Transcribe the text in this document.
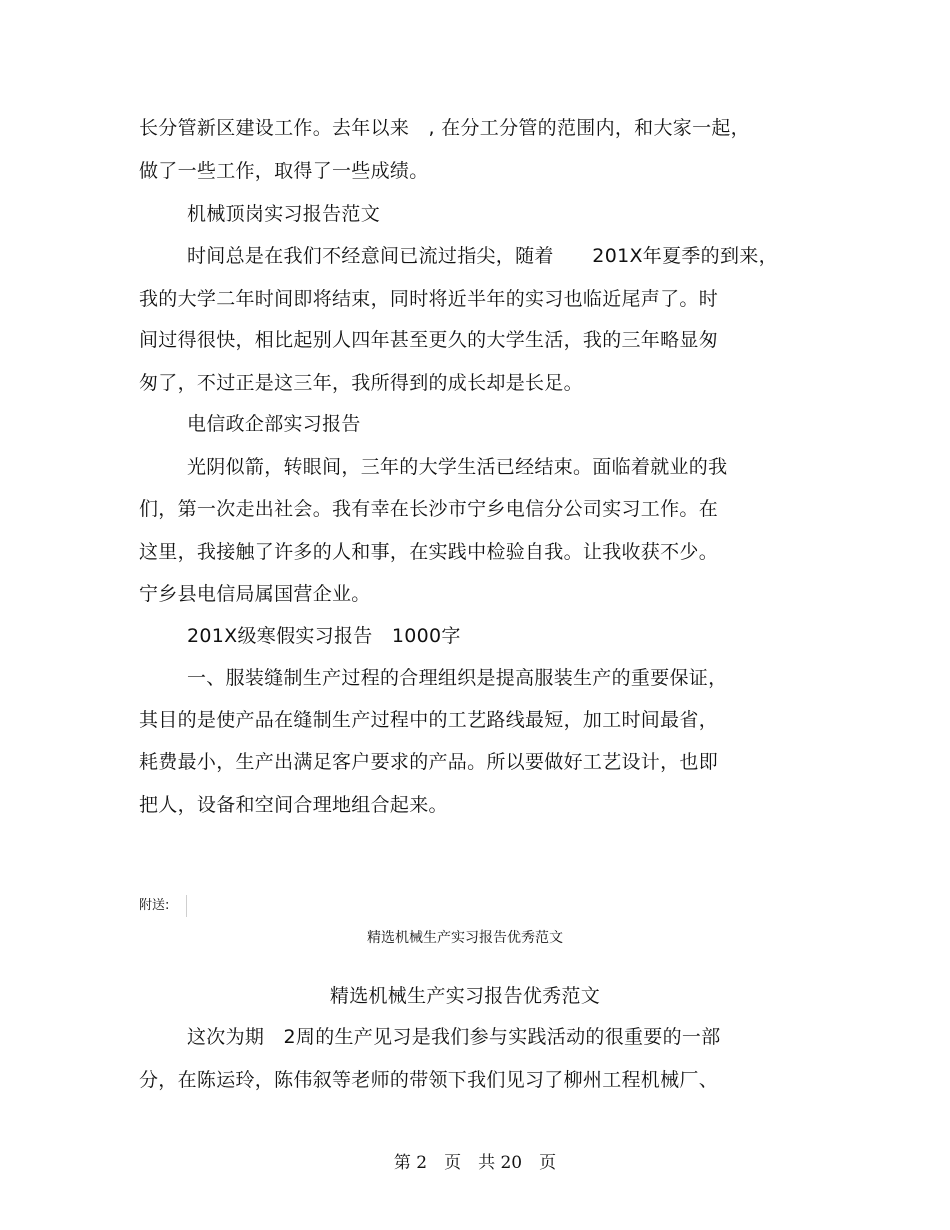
长分管新区建设工作。去年以来　, 在分工分管的范围内，和大家一起，
做了一些工作，取得了一些成绩。
机械顶岗实习报告范文
时间总是在我们不经意间已流过指尖，随着　　201X年夏季的到来，
我的大学二年时间即将结束，同时将近半年的实习也临近尾声了。时
间过得很快，相比起别人四年甚至更久的大学生活，我的三年略显匆
匆了，不过正是这三年，我所得到的成长却是长足。
电信政企部实习报告
光阴似箭，转眼间，三年的大学生活已经结束。面临着就业的我
们，第一次走出社会。我有幸在长沙市宁乡电信分公司实习工作。在
这里，我接触了许多的人和事，在实践中检验自我。让我收获不少。
宁乡县电信局属国营企业。
201X级寒假实习报告　1000字
一、服装缝制生产过程的合理组织是提高服装生产的重要保证，
其目的是使产品在缝制生产过程中的工艺路线最短，加工时间最省，
耗费最小，生产出满足客户要求的产品。所以要做好工艺设计，也即
把人，设备和空间合理地组合起来。
附送:
精选机械生产实习报告优秀范文
精选机械生产实习报告优秀范文
这次为期　2周的生产见习是我们参与实践活动的很重要的一部
分，在陈运玲，陈伟叙等老师的带领下我们见习了柳州工程机械厂、
第 2　页　共 20　页
